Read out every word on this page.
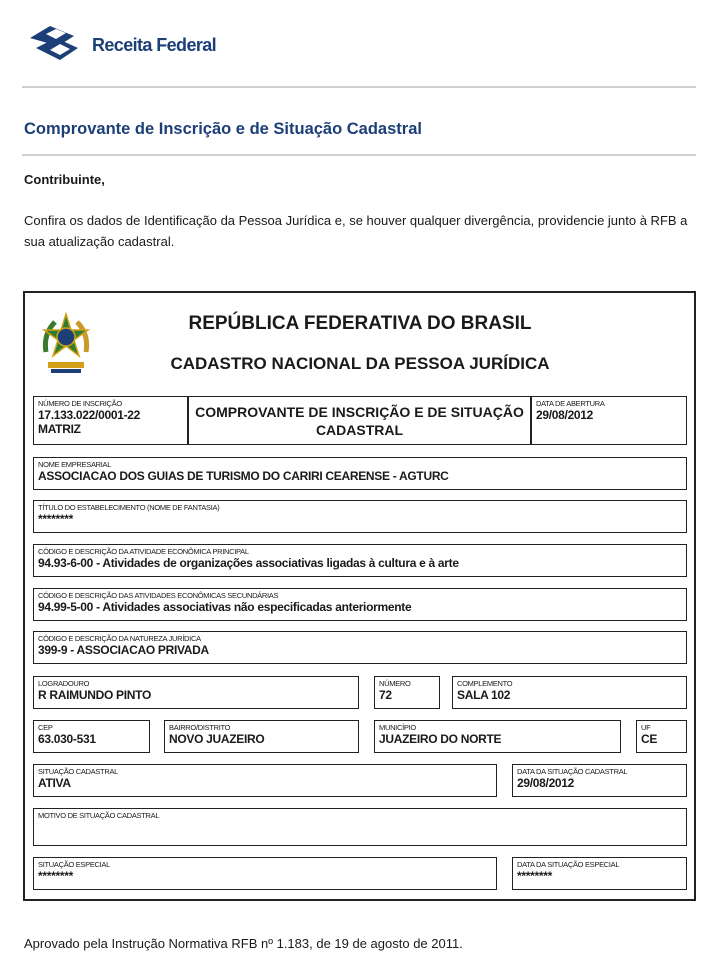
Receita Federal
Comprovante de Inscrição e de Situação Cadastral
Contribuinte,
Confira os dados de Identificação da Pessoa Jurídica e, se houver qualquer divergência, providencie junto à RFB a sua atualização cadastral.
REPÚBLICA FEDERATIVA DO BRASIL
CADASTRO NACIONAL DA PESSOA JURÍDICA
NÚMERO DE INSCRIÇÃO
17.133.022/0001-22
MATRIZ
COMPROVANTE DE INSCRIÇÃO E DE SITUAÇÃO CADASTRAL
DATA DE ABERTURA
29/08/2012
NOME EMPRESARIAL
ASSOCIACAO DOS GUIAS DE TURISMO DO CARIRI CEARENSE - AGTURC
TÍTULO DO ESTABELECIMENTO (NOME DE FANTASIA)
********
CÓDIGO E DESCRIÇÃO DA ATIVIDADE ECONÔMICA PRINCIPAL
94.93-6-00 - Atividades de organizações associativas ligadas à cultura e à arte
CÓDIGO E DESCRIÇÃO DAS ATIVIDADES ECONÔMICAS SECUNDÁRIAS
94.99-5-00 - Atividades associativas não especificadas anteriormente
CÓDIGO E DESCRIÇÃO DA NATUREZA JURÍDICA
399-9 - ASSOCIACAO PRIVADA
LOGRADOURO
R RAIMUNDO PINTO
NÚMERO
72
COMPLEMENTO
SALA 102
CEP
63.030-531
BAIRRO/DISTRITO
NOVO JUAZEIRO
MUNICÍPIO
JUAZEIRO DO NORTE
UF
CE
SITUAÇÃO CADASTRAL
ATIVA
DATA DA SITUAÇÃO CADASTRAL
29/08/2012
MOTIVO DE SITUAÇÃO CADASTRAL
SITUAÇÃO ESPECIAL
********
DATA DA SITUAÇÃO ESPECIAL
********
Aprovado pela Instrução Normativa RFB nº 1.183, de 19 de agosto de 2011.
